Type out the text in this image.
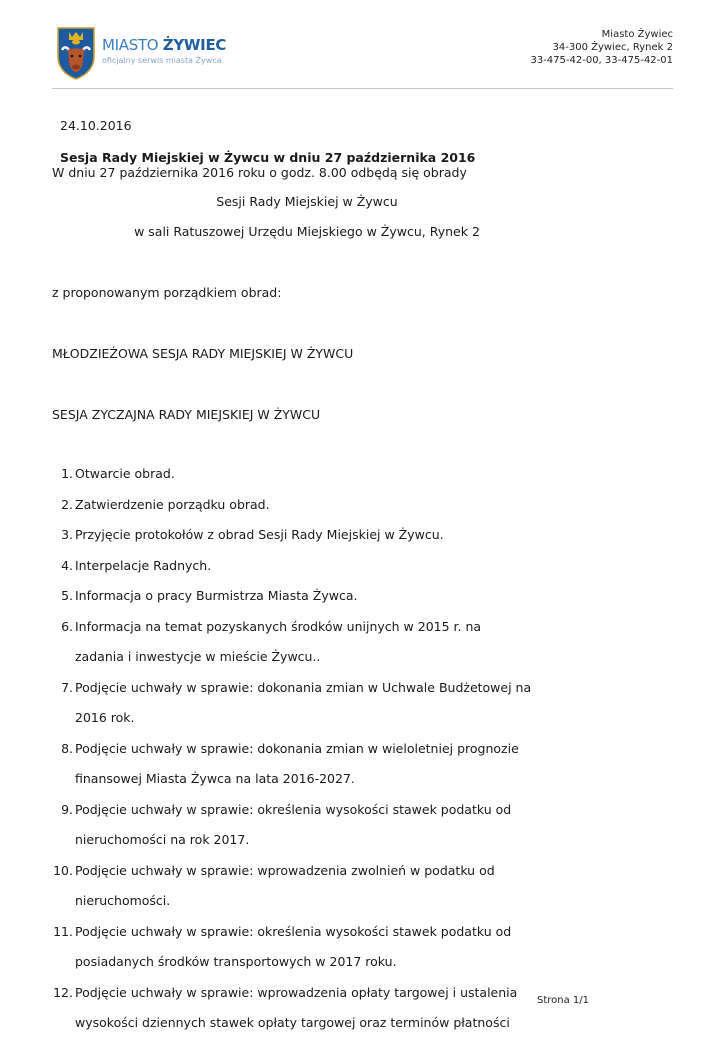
MIASTO ŻYWIEC
oficjalny serwis miasta Żywca
Miasto Żywiec
34-300 Żywiec, Rynek 2
33-475-42-00, 33-475-42-01
24.10.2016
Sesja Rady Miejskiej w Żywcu w dniu 27 października 2016
W dniu 27 października 2016 roku o godz. 8.00 odbędą się obrady
Sesji Rady Miejskiej w Żywcu
w sali Ratuszowej Urzędu Miejskiego w Żywcu, Rynek 2
z proponowanym porządkiem obrad:
MŁODZIEŻOWA SESJA RADY MIEJSKIEJ W ŻYWCU
SESJA ZYCZAJNA RADY MIEJSKIEJ W ŻYWCU
1. Otwarcie obrad.
2. Zatwierdzenie porządku obrad.
3. Przyjęcie protokołów z obrad Sesji Rady Miejskiej w Żywcu.
4. Interpelacje Radnych.
5. Informacja o pracy Burmistrza Miasta Żywca.
6. Informacja na temat pozyskanych środków unijnych w 2015 r. na
zadania i inwestycje w mieście Żywcu..
7. Podjęcie uchwały w sprawie: dokonania zmian w Uchwale Budżetowej na
2016 rok.
8. Podjęcie uchwały w sprawie: dokonania zmian w wieloletniej prognozie
finansowej Miasta Żywca na lata 2016-2027.
9. Podjęcie uchwały w sprawie: określenia wysokości stawek podatku od
nieruchomości na rok 2017.
10. Podjęcie uchwały w sprawie: wprowadzenia zwolnień w podatku od
nieruchomości.
11. Podjęcie uchwały w sprawie: określenia wysokości stawek podatku od
posiadanych środków transportowych w 2017 roku.
12. Podjęcie uchwały w sprawie: wprowadzenia opłaty targowej i ustalenia
wysokości dziennych stawek opłaty targowej oraz terminów płatności
Strona 1/1
